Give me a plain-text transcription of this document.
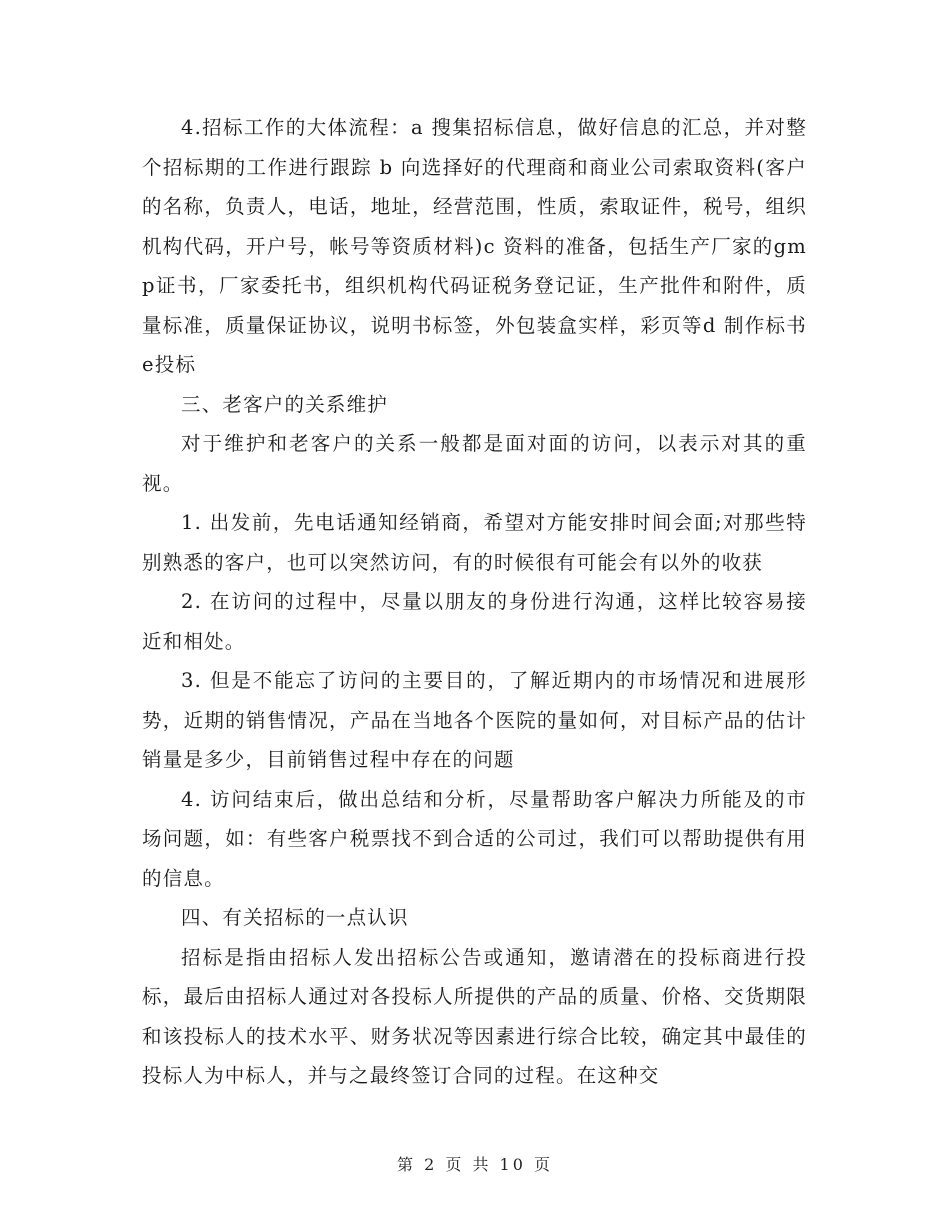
4.招标工作的大体流程：a 搜集招标信息，做好信息的汇总，并对整个招标期的工作进行跟踪 b 向选择好的代理商和商业公司索取资料(客户的名称，负责人，电话，地址，经营范围，性质，索取证件，税号，组织机构代码，开户号，帐号等资质材料)c 资料的准备，包括生产厂家的gmp证书，厂家委托书，组织机构代码证税务登记证，生产批件和附件，质量标准，质量保证协议，说明书标签，外包装盒实样，彩页等d 制作标书e投标

三、老客户的关系维护

对于维护和老客户的关系一般都是面对面的访问，以表示对其的重视。

1. 出发前，先电话通知经销商，希望对方能安排时间会面;对那些特别熟悉的客户，也可以突然访问，有的时候很有可能会有以外的收获

2. 在访问的过程中，尽量以朋友的身份进行沟通，这样比较容易接近和相处。

3. 但是不能忘了访问的主要目的，了解近期内的市场情况和进展形势，近期的销售情况，产品在当地各个医院的量如何，对目标产品的估计销量是多少，目前销售过程中存在的问题

4. 访问结束后，做出总结和分析，尽量帮助客户解决力所能及的市场问题，如：有些客户税票找不到合适的公司过，我们可以帮助提供有用的信息。

四、有关招标的一点认识

招标是指由招标人发出招标公告或通知，邀请潜在的投标商进行投标，最后由招标人通过对各投标人所提供的产品的质量、价格、交货期限和该投标人的技术水平、财务状况等因素进行综合比较，确定其中最佳的投标人为中标人，并与之最终签订合同的过程。在这种交

第 2 页 共 10 页
